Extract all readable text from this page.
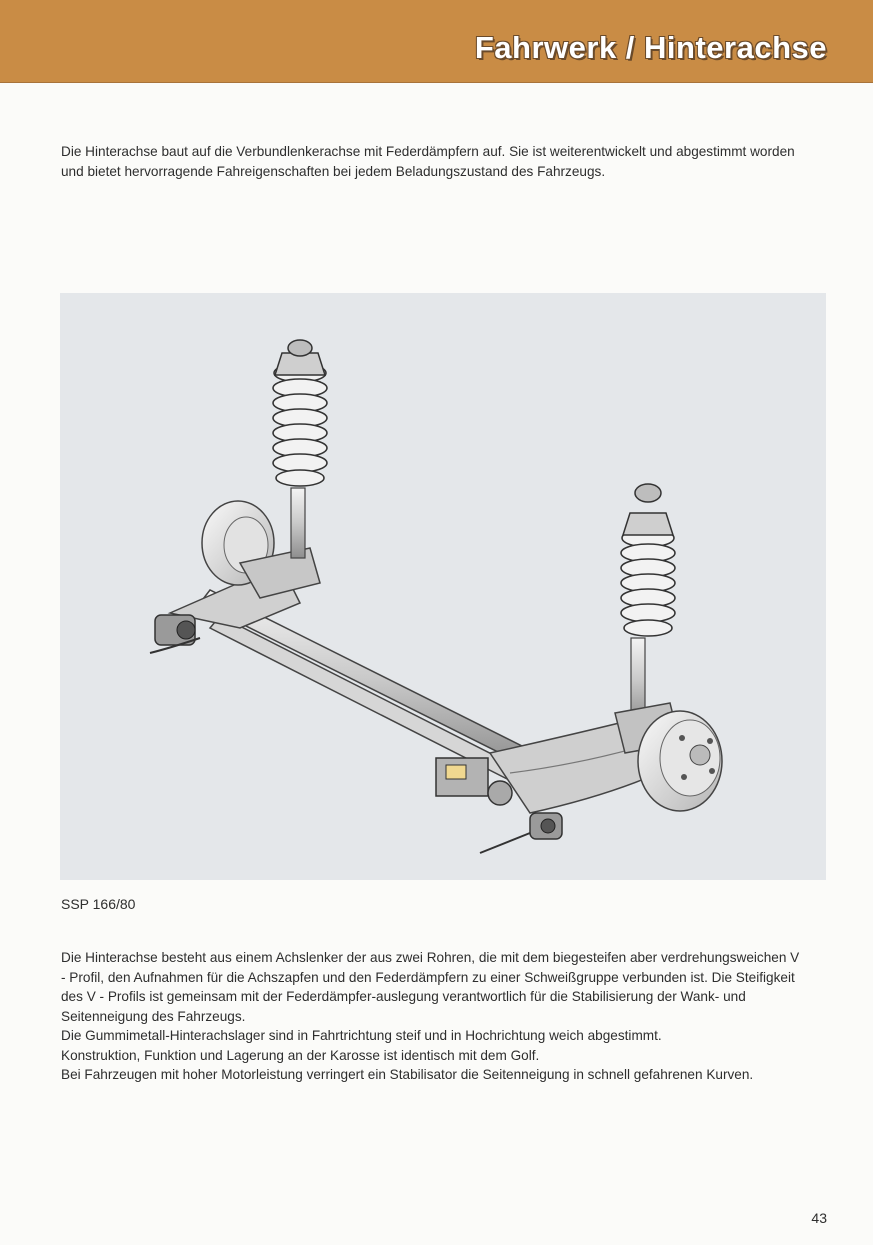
Fahrwerk / Hinterachse

Die Hinterachse baut auf die Verbundlenkerachse mit Federdämpfern auf. Sie ist weiterentwickelt und abgestimmt worden und bietet hervorragende Fahreigenschaften bei jedem Beladungszustand des Fahrzeugs.

SSP 166/80

Die Hinterachse besteht aus einem Achslenker der aus zwei Rohren, die mit dem biegesteifen aber verdrehungsweichen V - Profil, den Aufnahmen für die Achszapfen und den Federdämpfern zu einer Schweißgruppe verbunden ist. Die Steifigkeit des V - Profils ist gemeinsam mit der Federdämpfer-auslegung verantwortlich für die Stabilisierung der Wank- und Seitenneigung des Fahrzeugs.

Die Gummimetall-Hinterachslager sind in Fahrtrichtung steif und in Hochrichtung weich abgestimmt.

Konstruktion, Funktion und Lagerung an der Karosse ist identisch mit dem Golf.

Bei Fahrzeugen mit hoher Motorleistung verringert ein Stabilisator die Seitenneigung in schnell gefahrenen Kurven.

43
